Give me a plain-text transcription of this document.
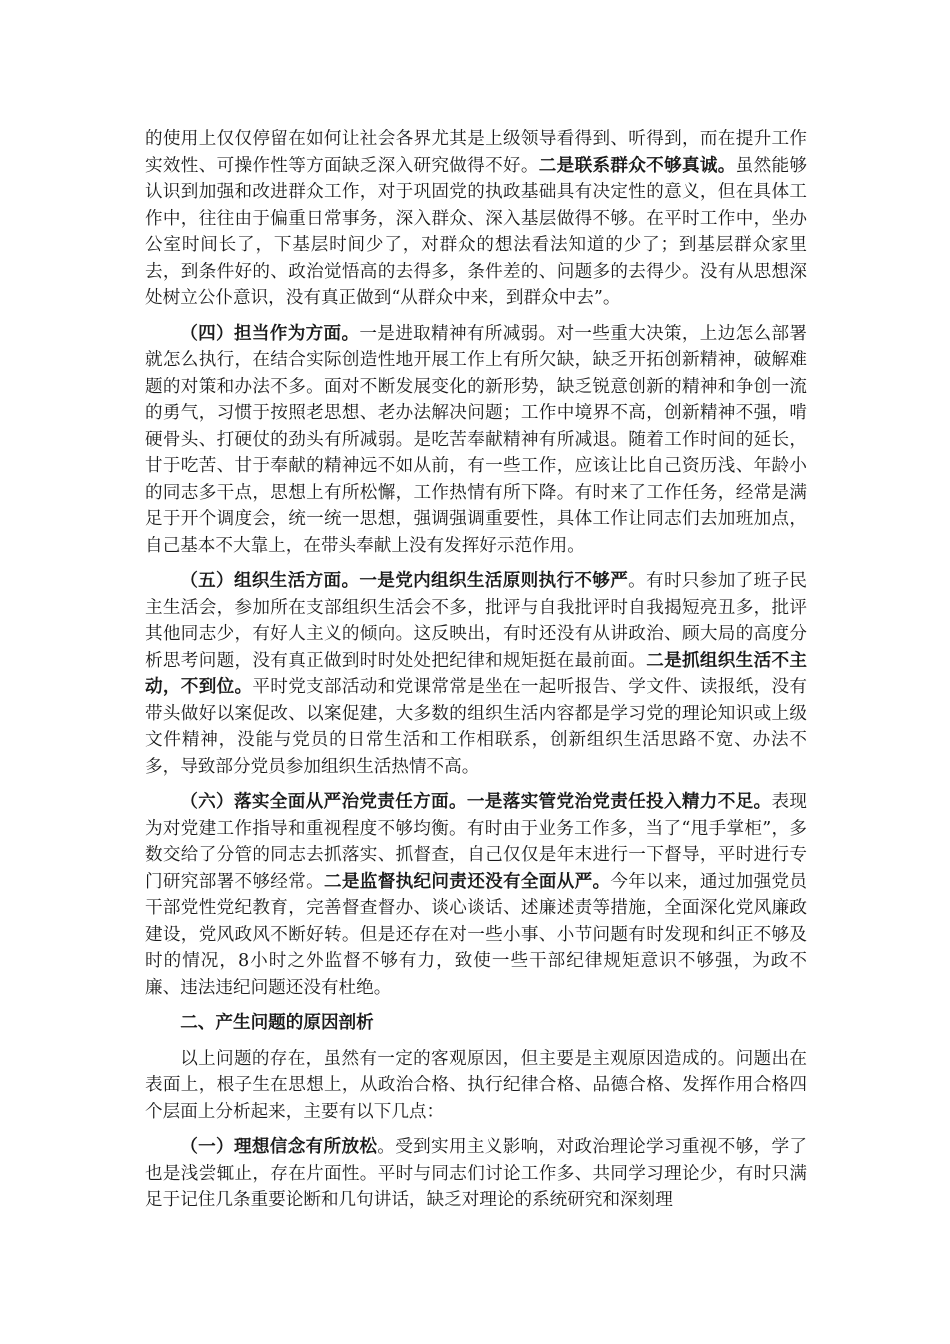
的使用上仅仅停留在如何让社会各界尤其是上级领导看得到、听得到，而在提升工作实效性、可操作性等方面缺乏深入研究做得不好。二是联系群众不够真诚。虽然能够认识到加强和改进群众工作，对于巩固党的执政基础具有决定性的意义，但在具体工作中，往往由于偏重日常事务，深入群众、深入基层做得不够。在平时工作中，坐办公室时间长了，下基层时间少了，对群众的想法看法知道的少了；到基层群众家里去，到条件好的、政治觉悟高的去得多，条件差的、问题多的去得少。没有从思想深处树立公仆意识，没有真正做到“从群众中来，到群众中去”。

（四）担当作为方面。一是进取精神有所减弱。对一些重大决策，上边怎么部署就怎么执行，在结合实际创造性地开展工作上有所欠缺，缺乏开拓创新精神，破解难题的对策和办法不多。面对不断发展变化的新形势，缺乏锐意创新的精神和争创一流的勇气，习惯于按照老思想、老办法解决问题；工作中境界不高，创新精神不强，啃硬骨头、打硬仗的劲头有所减弱。是吃苦奉献精神有所减退。随着工作时间的延长，甘于吃苦、甘于奉献的精神远不如从前，有一些工作，应该让比自己资历浅、年龄小的同志多干点，思想上有所松懈，工作热情有所下降。有时来了工作任务，经常是满足于开个调度会，统一统一思想，强调强调重要性，具体工作让同志们去加班加点，自己基本不大靠上，在带头奉献上没有发挥好示范作用。

（五）组织生活方面。一是党内组织生活原则执行不够严。有时只参加了班子民主生活会，参加所在支部组织生活会不多，批评与自我批评时自我揭短亮丑多，批评其他同志少，有好人主义的倾向。这反映出，有时还没有从讲政治、顾大局的高度分析思考问题，没有真正做到时时处处把纪律和规矩挺在最前面。二是抓组织生活不主动，不到位。平时党支部活动和党课常常是坐在一起听报告、学文件、读报纸，没有带头做好以案促改、以案促建，大多数的组织生活内容都是学习党的理论知识或上级文件精神，没能与党员的日常生活和工作相联系，创新组织生活思路不宽、办法不多，导致部分党员参加组织生活热情不高。

（六）落实全面从严治党责任方面。一是落实管党治党责任投入精力不足。表现为对党建工作指导和重视程度不够均衡。有时由于业务工作多，当了“甩手掌柜”，多数交给了分管的同志去抓落实、抓督查，自己仅仅是年末进行一下督导，平时进行专门研究部署不够经常。二是监督执纪问责还没有全面从严。今年以来，通过加强党员干部党性党纪教育，完善督查督办、谈心谈话、述廉述责等措施，全面深化党风廉政建设，党风政风不断好转。但是还存在对一些小事、小节问题有时发现和纠正不够及时的情况，8小时之外监督不够有力，致使一些干部纪律规矩意识不够强，为政不廉、违法违纪问题还没有杜绝。

二、产生问题的原因剖析

以上问题的存在，虽然有一定的客观原因，但主要是主观原因造成的。问题出在表面上，根子生在思想上，从政治合格、执行纪律合格、品德合格、发挥作用合格四个层面上分析起来，主要有以下几点：

（一）理想信念有所放松。受到实用主义影响，对政治理论学习重视不够，学了也是浅尝辄止，存在片面性。平时与同志们讨论工作多、共同学习理论少，有时只满足于记住几条重要论断和几句讲话，缺乏对理论的系统研究和深刻理
